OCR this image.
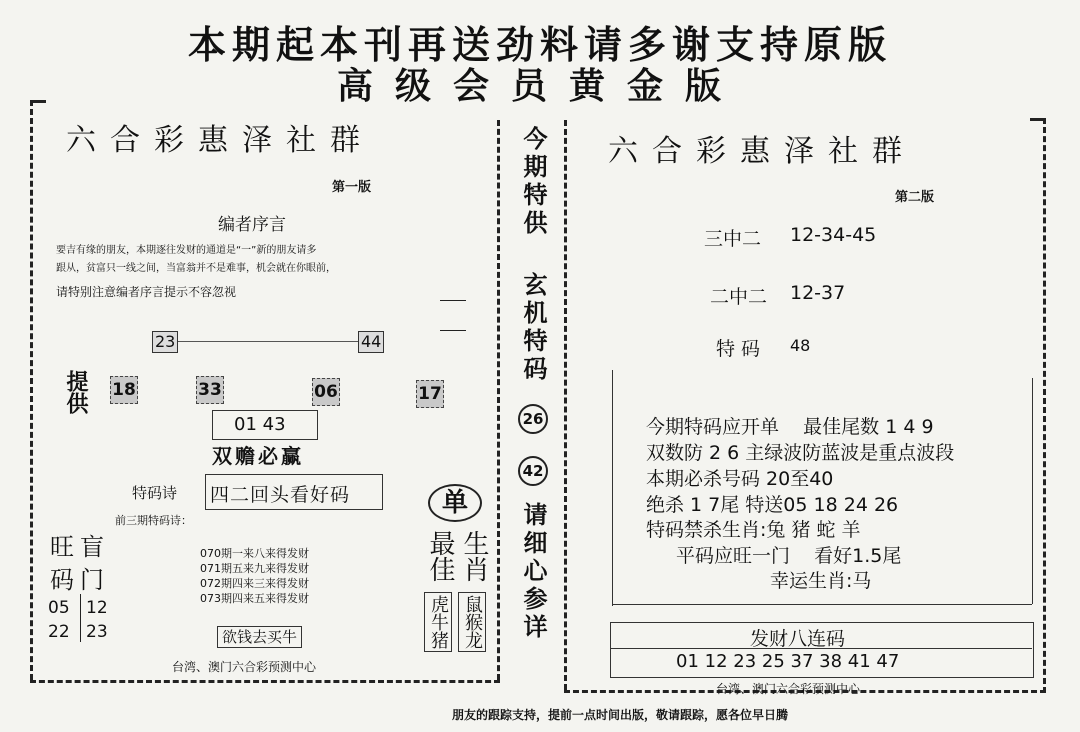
本期起本刊再送劲料请多谢支持原版
高级会员黄金版
六合彩惠泽社群
第一版
编者序言
要吉有缘的朋友，本期逐往发财的通道是“一”新的朋友请多
跟从，贫富只一线之间，当富翁并不是难事，机会就在你眼前，
请特别注意编者序言提示不容忽视
23	44
提供 18	33	06	17
01 43
双赡必赢
特码诗 四二回头看好码
前三期特码诗：
070期一来八来得发财
071期五来九来得发财
072期四来三来得发财
073期四来五来得发财
旺盲
码门
05 12
22 23	欲钱去买牛
台湾、澳门六合彩预测中心
单
最佳 生肖
虎牛猪 鼠猴龙
今期特供
玄机特码
26
42
请细心参详
六合彩惠泽社群
第二版
三中二 12-34-45
二中二 12-37
特 码 48
今期特码应开单    最佳尾数 1 4 9
双数防 2 6 主绿波防蓝波是重点波段
本期必杀号码 20至40
绝杀 1 7尾 特送05 18 24 26
特码禁杀生肖:兔 猪 蛇 羊
平码应旺一门    看好1.5尾
幸运生肖:马
发财八连码
01 12 23 25 37 38 41 47
台湾、澳门六合彩预测中心
朋友的跟踪支持，提前一点时间出版，敬请跟踪，愿各位早日腾
